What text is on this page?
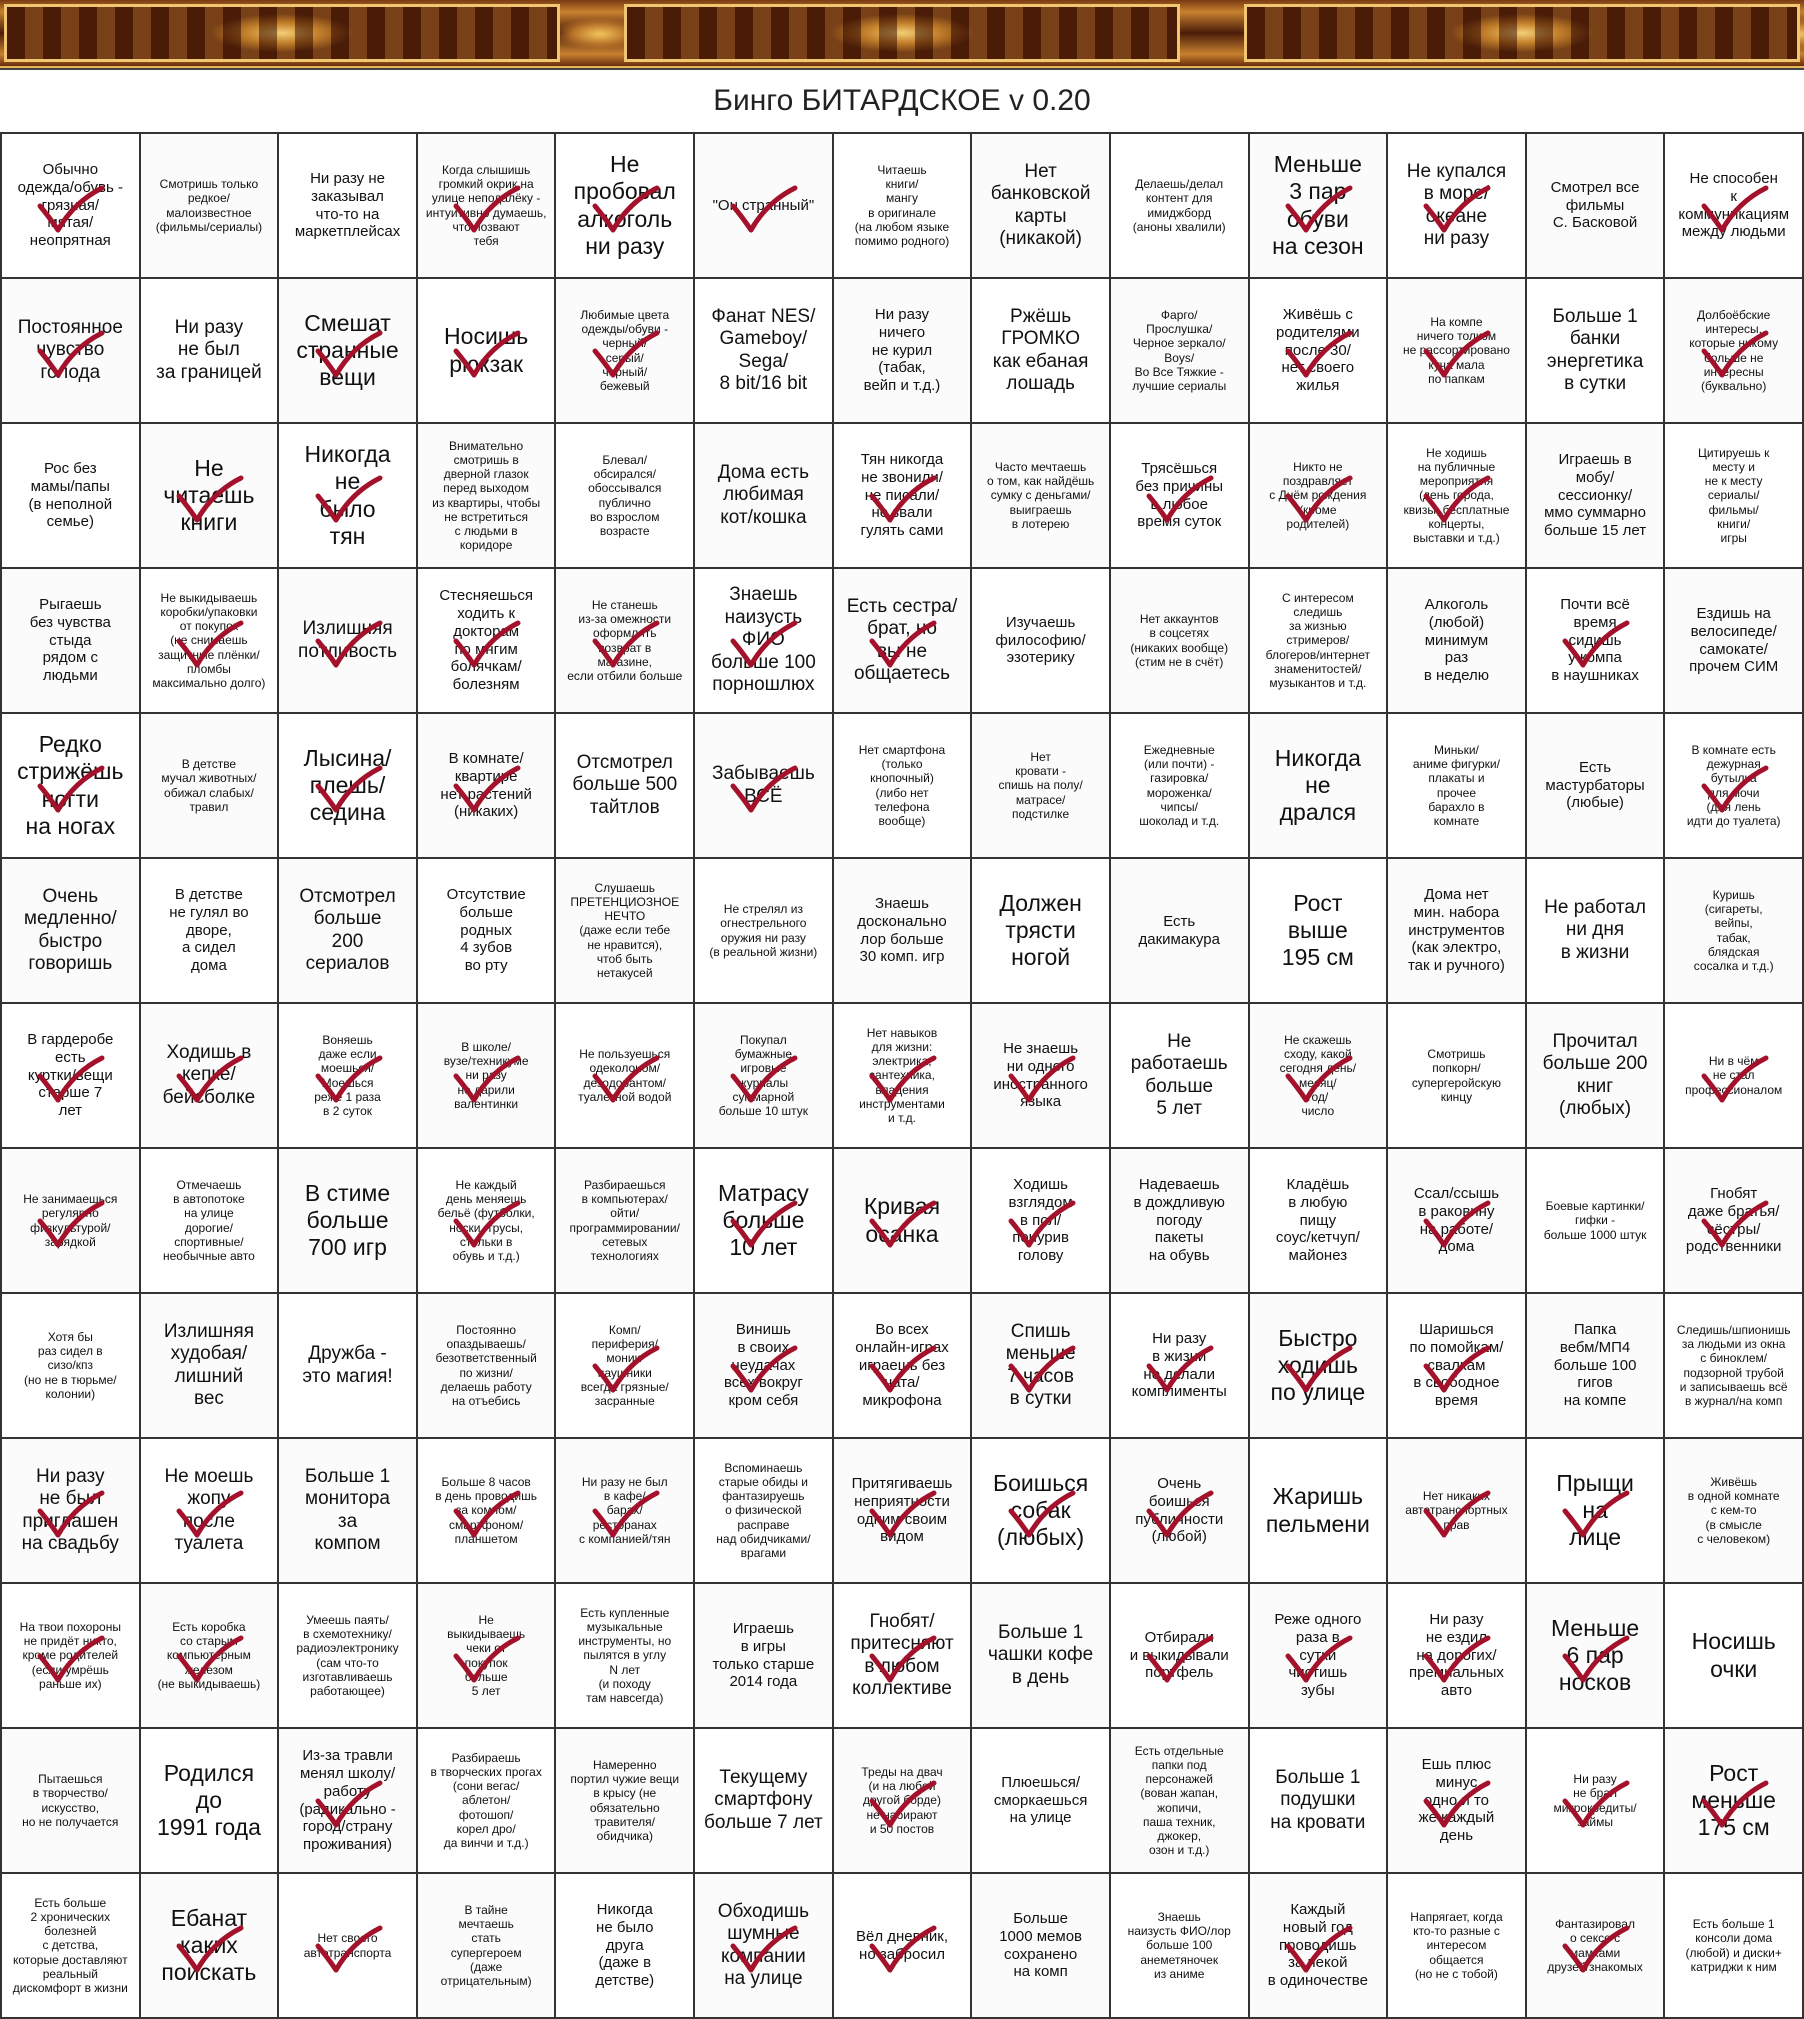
Бинго БИТАРДСКОЕ v 0.20
Обычно
одежда/обувь -
грязная/
мятая/
неопрятная
Смотришь только
редкое/
малоизвестное
(фильмы/сериалы)
Ни разу не
заказывал
что-то на
маркетплейсах
Когда слышишь
громкий окрик на
улице неподалёку -
интуитивно думаешь,
что позвают
тебя
Не
пробовал
алкоголь
ни разу
"Он странный"
Читаешь
книги/
мангу
в оригинале
(на любом языке
помимо родного)
Нет
банковской
карты
(никакой)
Делаешь/делал
контент для
имиджборд
(аноны хвалили)
Меньше
3 пар
обуви
на сезон
Не купался
в море/
океане
ни разу
Смотрел все
фильмы
С. Басковой
Не способен
к
коммуникациям
между людьми
Постоянное
чувство
голода
Ни разу
не был
за границей
Смешат
странные
вещи
Носишь
рюкзак
Любимые цвета
одежды/обуви -
черный/
серый/
черный/
бежевый
Фанат NES/
Gameboy/
Sega/
8 bit/16 bit
Ни разу
ничего
не курил
(табак,
вейп и т.д.)
Ржёшь
ГРОМКО
как ебаная
лошадь
Фарго/
Прослушка/
Черное зеркало/
Boys/
Во Все Тяжкие -
лучшие сериалы
Живёшь с
родителями
после 30/
нет своего
жилья
На компе
ничего толком
не рассортировано
куча мала
по папкам
Больше 1
банки
энергетика
в сутки
Долбоёбские
интересы,
которые никому
больше не
интересны
(буквально)
Рос без
мамы/папы
(в неполной
семье)
Не
читаешь
книги
Никогда
не
было
тян
Внимательно
смотришь в
дверной глазок
перед выходом
из квартиры, чтобы
не встретиться
с людьми в
коридоре
Блевал/
обсирался/
обоссывался
публично
во взрослом
возрасте
Дома есть
любимая
кот/кошка
Тян никогда
не звонили/
не писали/
не звали
гулять сами
Часто мечтаешь
о том, как найдёшь
сумку с деньгами/
выиграешь
в лотерею
Трясёшься
без причины
в любое
время суток
Никто не
поздравляет
с Днём рождения
(кроме
родителей)
Не ходишь
на публичные
мероприятия
(день города,
квизы, бесплатные
концерты,
выставки и т.д.)
Играешь в
мобу/
сессионку/
ммо суммарно
больше 15 лет
Цитируешь к
месту и
не к месту
сериалы/
фильмы/
книги/
игры
Рыгаешь
без чувства
стыда
рядом с
людьми
Не выкидываешь
коробки/упаковки
от покупок
(не снимаешь
защитные плёнки/
пломбы
максимально долго)
Излишняя
потливость
Стесняешься
ходить к
докторам
по мнгим
болячкам/
болезням
Не станешь
из-за омежности
оформлять
возврат в
магазине,
если отбили больше
Знаешь
наизусть
ФИО
больше 100
порношлюх
Есть сестра/
брат, но
вы не
общаетесь
Изучаешь
философию/
эзотерику
Нет аккаунтов
в соцсетях
(никаких вообще)
(стим не в счёт)
С интересом
следишь
за жизнью
стримеров/
блогеров/интернет
знаменитостей/
музыкантов и т.д.
Алкоголь
(любой)
минимум
раз
в неделю
Почти всё
время
сидишь
у компа
в наушниках
Ездишь на
велосипеде/
самокате/
прочем СИМ
Редко
стрижёшь
ногти
на ногах
В детстве
мучал животных/
обижал слабых/
травил
Лысина/
плешь/
седина
В комнате/
квартире
нет растений
(никаких)
Отсмотрел
больше 500
тайтлов
Забываешь
ВСЁ
Нет смартфона
(только
кнопочный)
(либо нет
телефона
вообще)
Нет
кровати -
спишь на полу/
матрасе/
подстилке
Ежедневные
(или почти) -
газировка/
мороженка/
чипсы/
шоколад и т.д.
Никогда
не
дрался
Миньки/
аниме фигурки/
плакаты и
прочее
барахло в
комнате
Есть
мастурбаторы
(любые)
В комнате есть
дежурная
бутылка
для мочи
(для лень
идти до туалета)
Очень
медленно/
быстро
говоришь
В детстве
не гулял во
дворе,
а сидел
дома
Отсмотрел
больше
200
сериалов
Отсутствие
больше
родных
4 зубов
во рту
Слушаешь
ПРЕТЕНЦИОЗНОЕ
НЕЧТО
(даже если тебе
не нравится),
чтоб быть
нетакусей
Не стрелял из
огнестрельного
оружия ни разу
(в реальной жизни)
Знаешь
досконально
лор больше
30 комп. игр
Должен
трясти
ногой
Есть
дакимакура
Рост
выше
195 см
Дома нет
мин. набора
инструментов
(как электро,
так и ручного)
Не работал
ни дня
в жизни
Куришь
(сигареты,
вейпы,
табак,
блядская
сосалка и т.д.)
В гардеробе
есть
куртки/вещи
старше 7
лет
Ходишь в
кепке/
бейсболке
Воняешь
даже если
моешься/
Моешься
реже 1 раза
в 2 суток
В школе/
вузе/техникуме
ни разу
не дарили
валентинки
Не пользуешься
одеколоном/
дезодорантом/
туалетной водой
Покупал
бумажные
игровые
журналы
суммарной
больше 10 штук
Нет навыков
для жизни:
электрика,
сантехника,
владения
инструментами
и т.д.
Не знаешь
ни одного
иностранного
языка
Не
работаешь
больше
5 лет
Не скажешь
сходу, какой
сегодня день/
месяц/
год/
число
Смотришь
попкорн/
супергеройскую
кинцу
Прочитал
больше 200
книг
(любых)
Ни в чём
не стал
профессионалом
Не занимаешься
регулярно
физкультурой/
зарядкой
Отмечаешь
в автопотоке
на улице
дорогие/
спортивные/
необычные авто
В стиме
больше
700 игр
Не каждый
день меняешь
бельё (футболки,
носки, трусы,
стельки в
обувь и т.д.)
Разбираешься
в компьютерах/
ойти/
программировании/
сетевых
технологиях
Матрасу
больше
10 лет
Кривая
осанка
Ходишь
взглядом
в пол/
понурив
голову
Надеваешь
в дождливую
погоду
пакеты
на обувь
Кладёшь
в любую
пищу
соус/кетчуп/
майонез
Ссал/ссышь
в раковину
на работе/
дома
Боевые картинки/
гифки -
больше 1000 штук
Гнобят
даже братья/
сёстры/
родственники
Хотя бы
раз сидел в
сизо/кпз
(но не в тюрьме/
колонии)
Излишняя
худобая/
лишний
вес
Дружба -
это магия!
Постоянно
опаздываешь/
безответственный
по жизни/
делаешь работу
на отъебись
Комп/
периферия/
моник/
наушники
всегда грязные/
засранные
Винишь
в своих
неудачах
всех вокруг
кром себя
Во всех
онлайн-играх
играешь без
чата/
микрофона
Спишь
меньше
7 часов
в сутки
Ни разу
в жизни
не делали
комплименты
Быстро
ходишь
по улице
Шаришься
по помойкам/
свалкам
в свободное
время
Папка
вебм/МП4
больше 100
гигов
на компе
Следишь/шпионишь
за людьми из окна
с биноклем/
подзорной трубой
и записываешь всё
в журнал/на комп
Ни разу
не был
приглашен
на свадьбу
Не моешь
жопу
после
туалета
Больше 1
монитора
за
компом
Больше 8 часов
в день проводишь
за компом/
смартфоном/
планшетом
Ни разу не был
в кафе/
барах/
ресторанах
с компанией/тян
Вспоминаешь
старые обиды и
фантазируешь
о физической расправе
над обидчиками/
врагами
Притягиваешь
неприятности
одним своим
видом
Боишься
собак
(любых)
Очень
боишься
публичности
(любой)
Жаришь
пельмени
Нет никаких
автотранспортных
прав
Прыщи
на
лице
Живёшь
в одной комнате
с кем-то
(в смысле
с человеком)
На твои похороны
не придёт никто,
кроме родителей
(если умрёшь
раньше их)
Есть коробка
со старым
компьютерным
железом
(не выкидываешь)
Умеешь паять/
в схемотехнику/
радиоэлектронику
(сам что-то
изготавливаешь
работающее)
Не
выкидываешь
чеки от
покупок
больше
5 лет
Есть купленные
музыкальные
инструменты, но
пылятся в углу
N лет
(и походу
там навсегда)
Играешь
в игры
только старше
2014 года
Гнобят/
притесняют
в любом
коллективе
Больше 1
чашки кофе
в день
Отбирали
и выкидывали
портфель
Реже одного
раза в
сутки
чистишь
зубы
Ни разу
не ездил
на дорогих/
премиальных
авто
Меньше
6 пар
носков
Носишь
очки
Пытаешься
в творчество/
искусство,
но не получается
Родился
до
1991 года
Из-за травли
менял школу/
работу
(радикально -
город/страну
проживания)
Разбираешь
в творческих прогах
(сони вегас/
аблетон/
фотошоп/
корел дро/
да винчи и т.д.)
Намеренно
портил чужие вещи
в крысу (не
обязательно
травителя/
обидчика)
Текущему
смартфону
больше 7 лет
Треды на двач
(и на любой
другой борде)
не набирают
и 50 постов
Плюешься/
сморкаешься
на улице
Есть отдельные
папки под
персонажей
(вован жапан,
жопичи,
паша техник,
джокер,
озон и т.д.)
Больше 1
подушки
на кровати
Ешь плюс
минус
одно и то
же каждый
день
Ни разу
не брал
микрокредиты/
займы
Рост
меньше
175 см
Есть больше
2 хронических болезней
с детства,
которые доставляют
реальный
дискомфорт в жизни
Ебанат
каких
поискать
Нет своего
автотранспорта
В тайне
мечтаешь
стать
супергероем
(даже
отрицательным)
Никогда
не было
друга
(даже в
детстве)
Обходишь
шумные
компании
на улице
Вёл дневник,
но забросил
Больше
1000 мемов
сохранено
на комп
Знаешь
наизусть ФИО/лор
больше 100
анеметяночек
из аниме
Каждый
новый год
проводишь
за пекой
в одиночестве
Напрягает, когда
кто-то разные с
интересом
общается
(но не с тобой)
Фантазировал
о сексе с
мамками
друзей/знакомых
Есть больше 1
консоли дома
(любой) и диски+
катриджи к ним
